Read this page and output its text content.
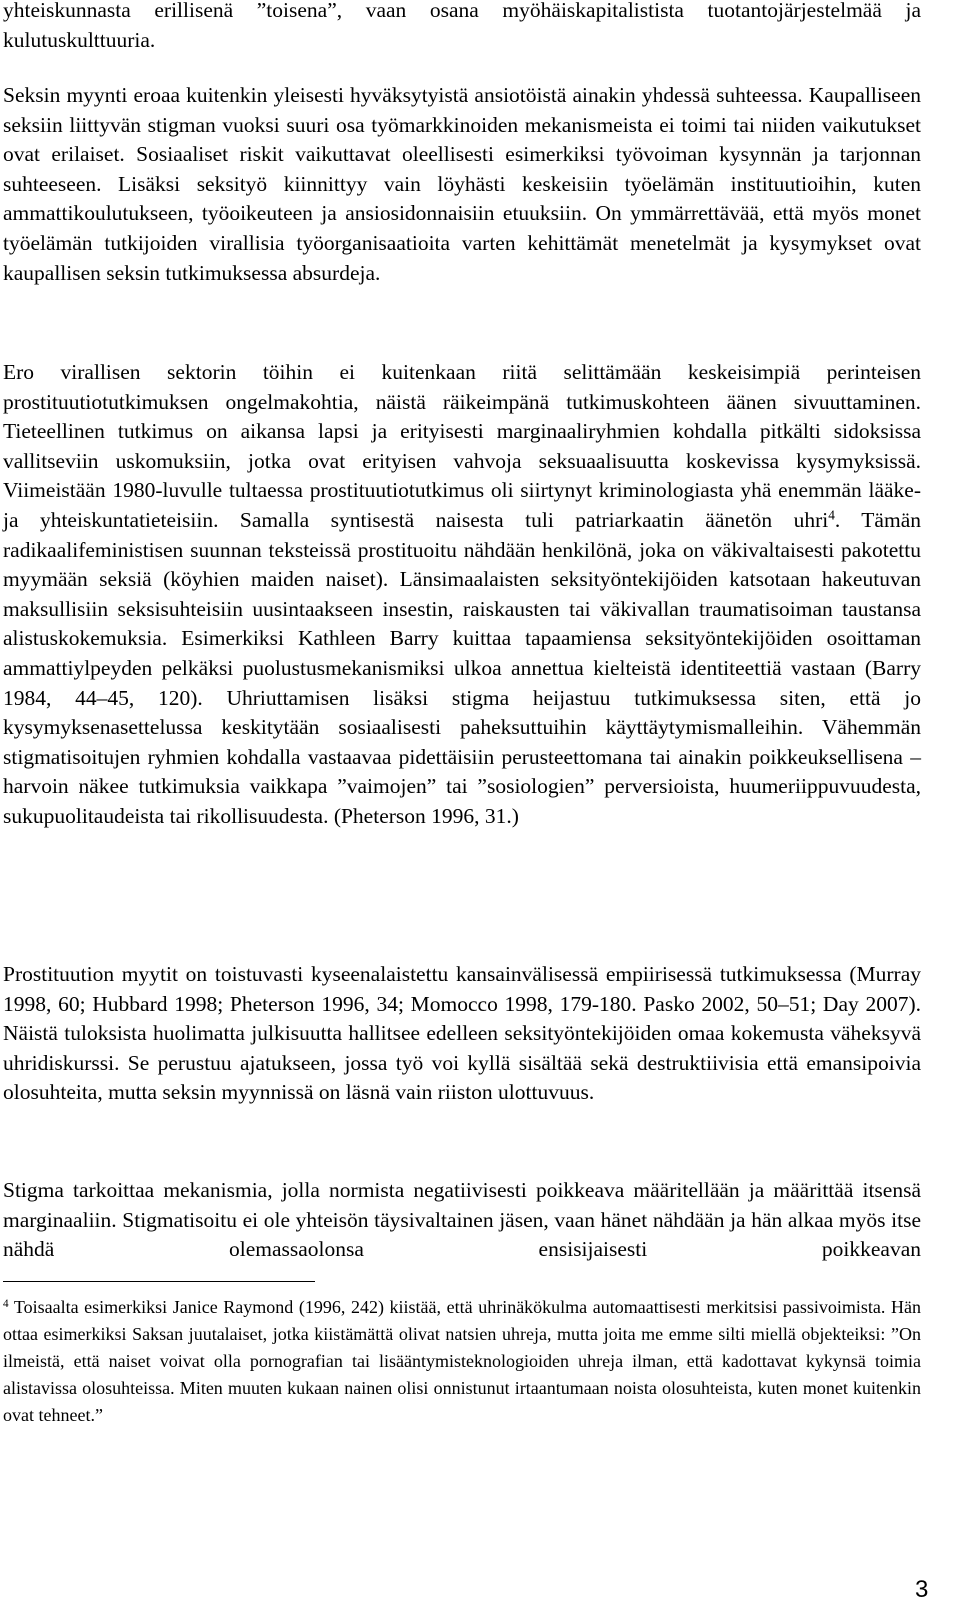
yhteiskunnasta erillisenä ”toisena”, vaan osana myöhäiskapitalistista tuotantojärjestelmää ja kulutuskulttuuria.

Seksin myynti eroaa kuitenkin yleisesti hyväksytyistä ansiotöistä ainakin yhdessä suhteessa. Kaupalliseen seksiin liittyvän stigman vuoksi suuri osa työmarkkinoiden mekanismeista ei toimi tai niiden vaikutukset ovat erilaiset. Sosiaaliset riskit vaikuttavat oleellisesti esimerkiksi työvoiman kysynnän ja tarjonnan suhteeseen. Lisäksi seksityö kiinnittyy vain löyhästi keskeisiin työelämän instituutioihin, kuten ammattikoulutukseen, työoikeuteen ja ansiosidonnaisiin etuuksiin. On ymmärrettävää, että myös monet työelämän tutkijoiden virallisia työorganisaatioita varten kehittämät menetelmät ja kysymykset ovat kaupallisen seksin tutkimuksessa absurdeja.

Ero virallisen sektorin töihin ei kuitenkaan riitä selittämään keskeisimpiä perinteisen prostituutiotutkimuksen ongelmakohtia, näistä räikeimpänä tutkimuskohteen äänen sivuuttaminen. Tieteellinen tutkimus on aikansa lapsi ja erityisesti marginaaliryhmien kohdalla pitkälti sidoksissa vallitseviin uskomuksiin, jotka ovat erityisen vahvoja seksuaalisuutta koskevissa kysymyksissä. Viimeistään 1980-luvulle tultaessa prostituutiotutkimus oli siirtynyt kriminologiasta yhä enemmän lääke- ja yhteiskuntatieteisiin. Samalla syntisestä naisesta tuli patriarkaatin äänetön uhri$^4$. Tämän radikaalifeministisen suunnan teksteissä prostituoitu nähdään henkilönä, joka on väkivaltaisesti pakotettu myymään seksiä (köyhien maiden naiset). Länsimaalaisten seksityöntekijöiden katsotaan hakeutuvan maksullisiin seksisuhteisiin uusintaakseen insestin, raiskausten tai väkivallan traumatisoiman taustansa alistuskokemuksia. Esimerkiksi Kathleen Barry kuittaa tapaamiensa seksityöntekijöiden osoittaman ammattiylpeyden pelkäksi puolustusmekanismiksi ulkoa annettua kielteistä identiteettiä vastaan (Barry 1984, 44–45, 120). Uhriuttamisen lisäksi stigma heijastuu tutkimuksessa siten, että jo kysymyksenasettelussa keskitytään sosiaalisesti paheksuttuihin käyttäytymismalleihin. Vähemmän stigmatisoitujen ryhmien kohdalla vastaavaa pidettäisiin perusteettomana tai ainakin poikkeuksellisena – harvoin näkee tutkimuksia vaikkapa ”vaimojen” tai ”sosiologien” perversioista, huumeriippuvuudesta, sukupuolitaudeista tai rikollisuudesta. (Pheterson 1996, 31.)

Prostituution myytit on toistuvasti kyseenalaistettu kansainvälisessä empiirisessä tutkimuksessa (Murray 1998, 60; Hubbard 1998; Pheterson 1996, 34; Momocco 1998, 179-180. Pasko 2002, 50–51; Day 2007). Näistä tuloksista huolimatta julkisuutta hallitsee edelleen seksityöntekijöiden omaa kokemusta väheksyvä uhridiskurssi. Se perustuu ajatukseen, jossa työ voi kyllä sisältää sekä destruktiivisia että emansipoivia olosuhteita, mutta seksin myynnissä on läsnä vain riiston ulottuvuus.

Stigma tarkoittaa mekanismia, jolla normista negatiivisesti poikkeava määritellään ja määrittää itsensä marginaaliin. Stigmatisoitu ei ole yhteisön täysivaltainen jäsen, vaan hänet nähdään ja hän alkaa myös itse nähdä olemassaolonsa ensisijaisesti poikkeavan

$^4$ Toisaalta esimerkiksi Janice Raymond (1996, 242) kiistää, että uhrinäkökulma automaattisesti merkitsisi passivoimista. Hän ottaa esimerkiksi Saksan juutalaiset, jotka kiistämättä olivat natsien uhreja, mutta joita me emme silti miellä objekteiksi: ”On ilmeistä, että naiset voivat olla pornografian tai lisääntymisteknologioiden uhreja ilman, että kadottavat kykynsä toimia alistavissa olosuhteissa. Miten muuten kukaan nainen olisi onnistunut irtaantumaan noista olosuhteista, kuten monet kuitenkin ovat tehneet.”

3
